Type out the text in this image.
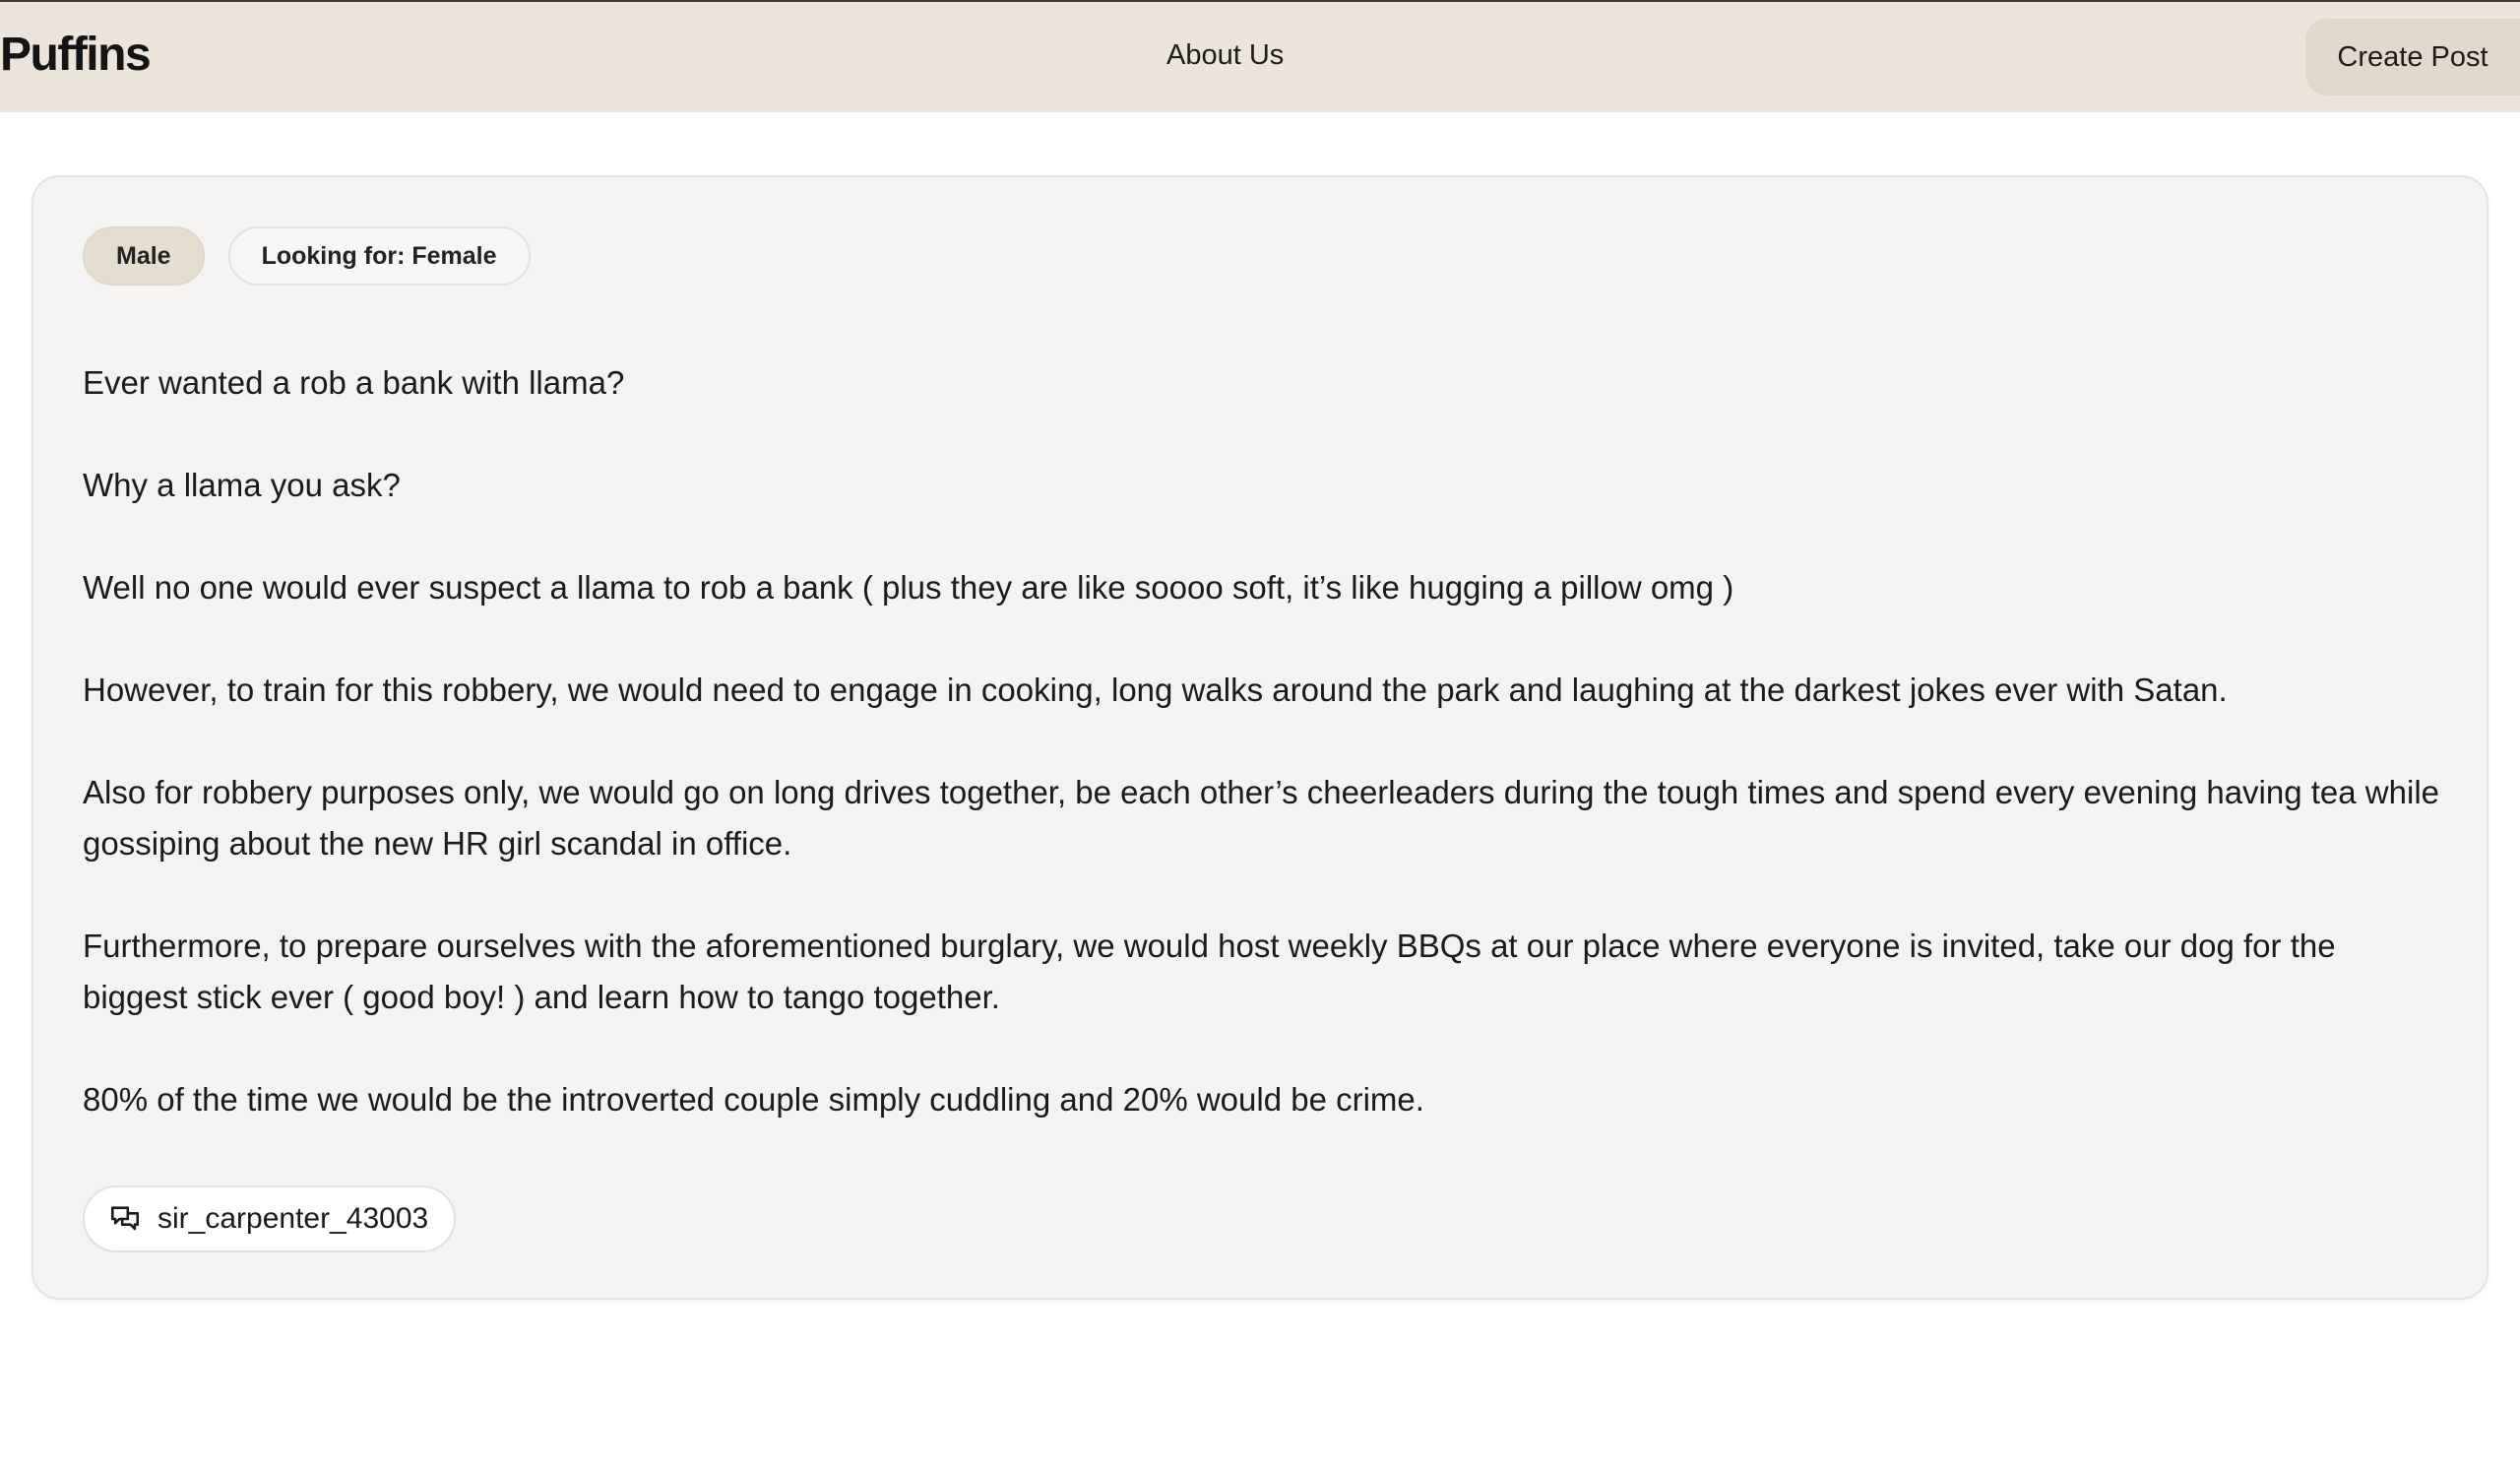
Puffins	About Us	Create Post
Male	Looking for: Female

Ever wanted a rob a bank with llama?

Why a llama you ask?

Well no one would ever suspect a llama to rob a bank ( plus they are like soooo soft, it’s like hugging a pillow omg )

However, to train for this robbery, we would need to engage in cooking, long walks around the park and laughing at the darkest jokes ever with Satan.

Also for robbery purposes only, we would go on long drives together, be each other’s cheerleaders during the tough times and spend every evening having tea while gossiping about the new HR girl scandal in office.

Furthermore, to prepare ourselves with the aforementioned burglary, we would host weekly BBQs at our place where everyone is invited, take our dog for the biggest stick ever ( good boy! ) and learn how to tango together.

80% of the time we would be the introverted couple simply cuddling and 20% would be crime.

sir_carpenter_43003
